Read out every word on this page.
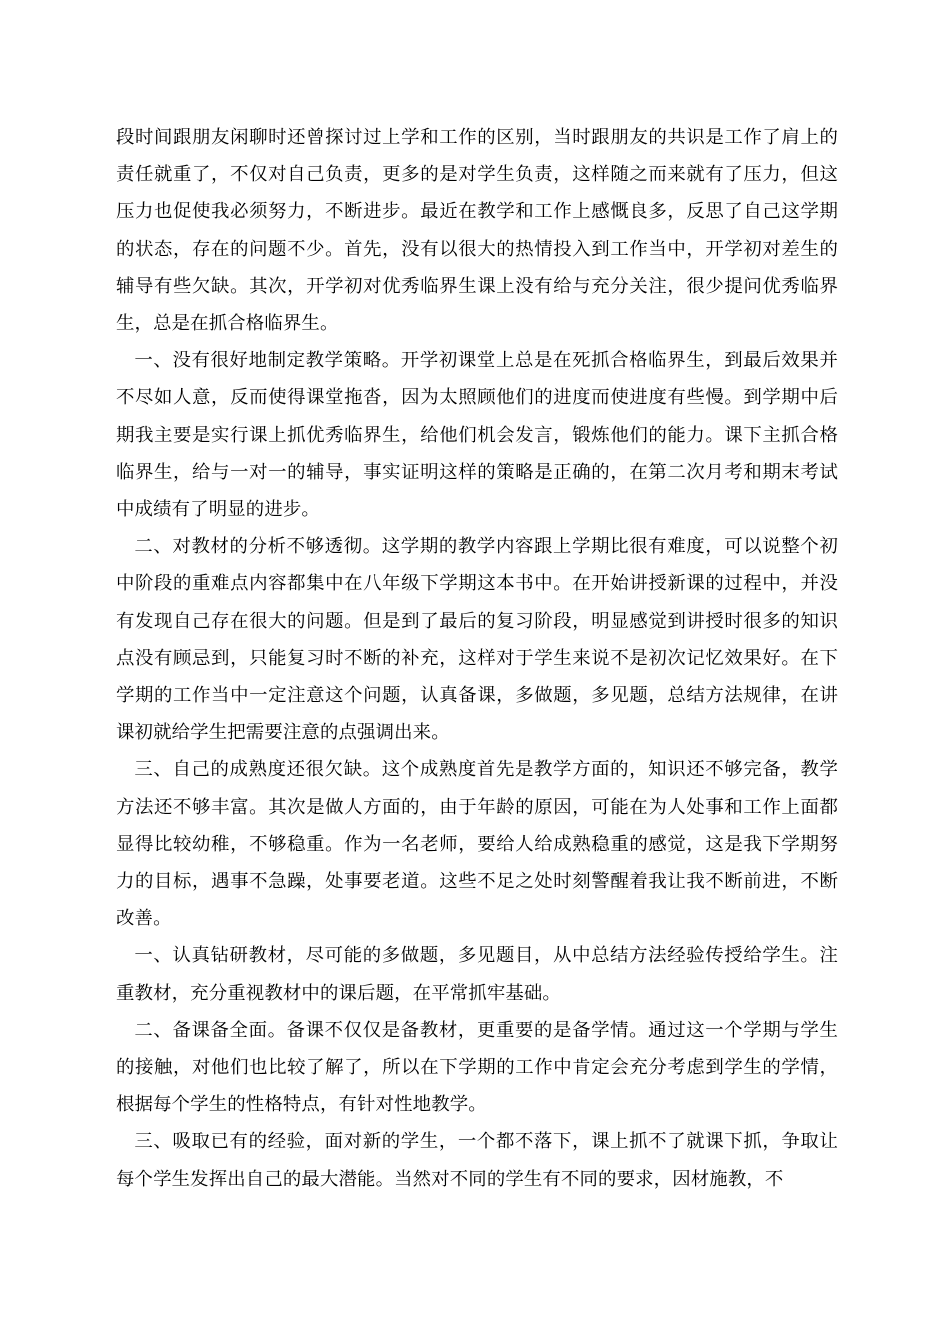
段时间跟朋友闲聊时还曾探讨过上学和工作的区别，当时跟朋友的共识是工作了肩上的责任就重了，不仅对自己负责，更多的是对学生负责，这样随之而来就有了压力，但这压力也促使我必须努力，不断进步。最近在教学和工作上感慨良多，反思了自己这学期的状态，存在的问题不少。首先，没有以很大的热情投入到工作当中，开学初对差生的辅导有些欠缺。其次，开学初对优秀临界生课上没有给与充分关注，很少提问优秀临界生，总是在抓合格临界生。

一、没有很好地制定教学策略。开学初课堂上总是在死抓合格临界生，到最后效果并不尽如人意，反而使得课堂拖沓，因为太照顾他们的进度而使进度有些慢。到学期中后期我主要是实行课上抓优秀临界生，给他们机会发言，锻炼他们的能力。课下主抓合格临界生，给与一对一的辅导，事实证明这样的策略是正确的，在第二次月考和期末考试中成绩有了明显的进步。

二、对教材的分析不够透彻。这学期的教学内容跟上学期比很有难度，可以说整个初中阶段的重难点内容都集中在八年级下学期这本书中。在开始讲授新课的过程中，并没有发现自己存在很大的问题。但是到了最后的复习阶段，明显感觉到讲授时很多的知识点没有顾忌到，只能复习时不断的补充，这样对于学生来说不是初次记忆效果好。在下学期的工作当中一定注意这个问题，认真备课，多做题，多见题，总结方法规律，在讲课初就给学生把需要注意的点强调出来。

三、自己的成熟度还很欠缺。这个成熟度首先是教学方面的，知识还不够完备，教学方法还不够丰富。其次是做人方面的，由于年龄的原因，可能在为人处事和工作上面都显得比较幼稚，不够稳重。作为一名老师，要给人给成熟稳重的感觉，这是我下学期努力的目标，遇事不急躁，处事要老道。这些不足之处时刻警醒着我让我不断前进，不断改善。

一、认真钻研教材，尽可能的多做题，多见题目，从中总结方法经验传授给学生。注重教材，充分重视教材中的课后题，在平常抓牢基础。

二、备课备全面。备课不仅仅是备教材，更重要的是备学情。通过这一个学期与学生的接触，对他们也比较了解了，所以在下学期的工作中肯定会充分考虑到学生的学情，根据每个学生的性格特点，有针对性地教学。

三、吸取已有的经验，面对新的学生，一个都不落下，课上抓不了就课下抓，争取让每个学生发挥出自己的最大潜能。当然对不同的学生有不同的要求，因材施教，不
